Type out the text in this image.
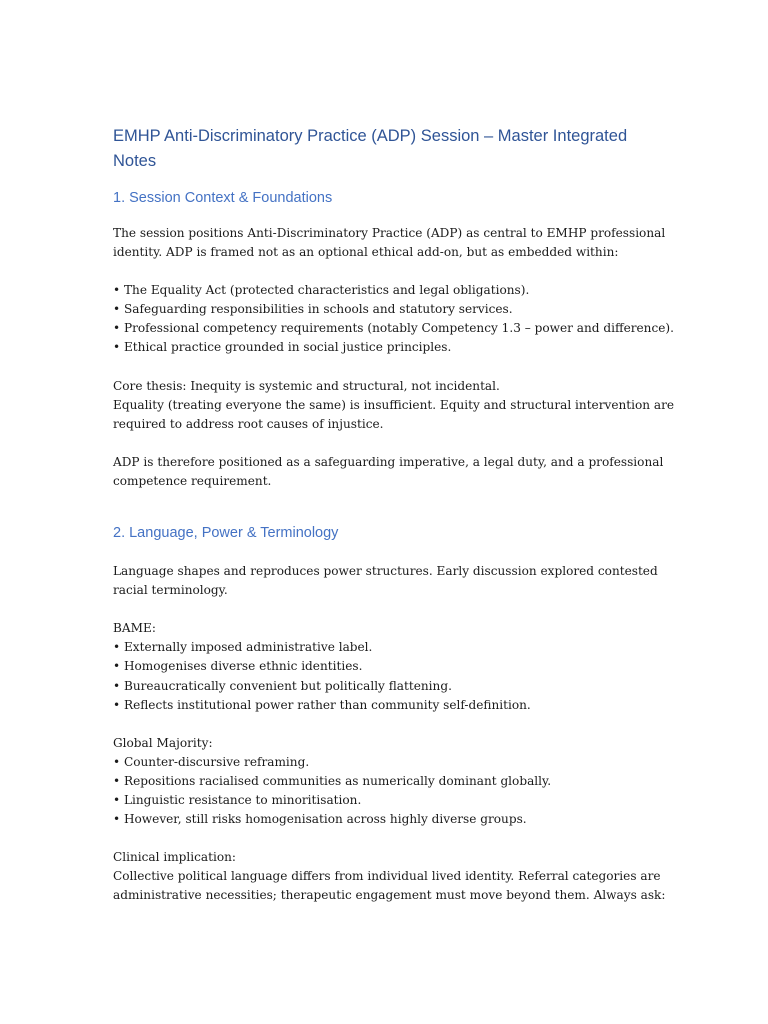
EMHP Anti-Discriminatory Practice (ADP) Session – Master Integrated
Notes
1. Session Context & Foundations

The session positions Anti-Discriminatory Practice (ADP) as central to EMHP professional
identity. ADP is framed not as an optional ethical add-on, but as embedded within:

• The Equality Act (protected characteristics and legal obligations).
• Safeguarding responsibilities in schools and statutory services.
• Professional competency requirements (notably Competency 1.3 – power and difference).
• Ethical practice grounded in social justice principles.

Core thesis: Inequity is systemic and structural, not incidental.
Equality (treating everyone the same) is insufficient. Equity and structural intervention are
required to address root causes of injustice.

ADP is therefore positioned as a safeguarding imperative, a legal duty, and a professional
competence requirement.

2. Language, Power & Terminology

Language shapes and reproduces power structures. Early discussion explored contested
racial terminology.

BAME:
• Externally imposed administrative label.
• Homogenises diverse ethnic identities.
• Bureaucratically convenient but politically flattening.
• Reflects institutional power rather than community self-definition.

Global Majority:
• Counter-discursive reframing.
• Repositions racialised communities as numerically dominant globally.
• Linguistic resistance to minoritisation.
• However, still risks homogenisation across highly diverse groups.

Clinical implication:
Collective political language differs from individual lived identity. Referral categories are
administrative necessities; therapeutic engagement must move beyond them. Always ask:
